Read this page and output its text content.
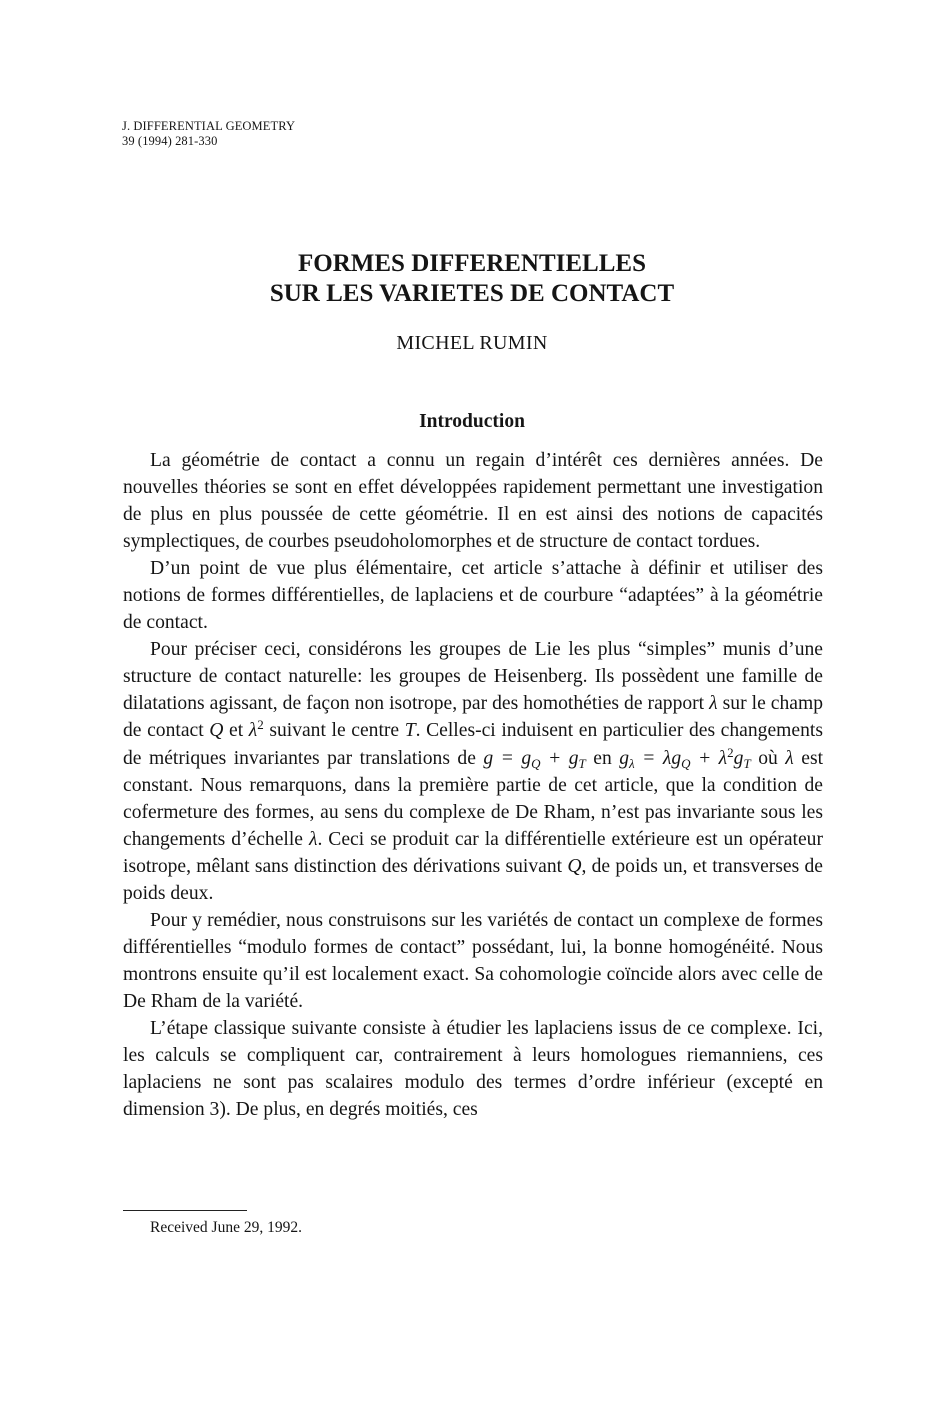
J. DIFFERENTIAL GEOMETRY
39 (1994) 281-330
FORMES DIFFERENTIELLES
SUR LES VARIETES DE CONTACT
MICHEL RUMIN
Introduction

La géométrie de contact a connu un regain d’intérêt ces dernières années. De nouvelles théories se sont en effet développées rapidement permettant une investigation de plus en plus poussée de cette géométrie. Il en est ainsi des notions de capacités symplectiques, de courbes pseudoholomorphes et de structure de contact tordues.

D’un point de vue plus élémentaire, cet article s’attache à définir et utiliser des notions de formes différentielles, de laplaciens et de courbure “adaptées” à la géométrie de contact.

Pour préciser ceci, considérons les groupes de Lie les plus “simples” munis d’une structure de contact naturelle: les groupes de Heisenberg. Ils possèdent une famille de dilatations agissant, de façon non isotrope, par des homothéties de rapport λ sur le champ de contact Q et $\lambda^2$ suivant le centre T. Celles-ci induisent en particulier des changements de métriques invariantes par translations de $g = g_Q + g_T$ en $g_\lambda = \lambda g_Q + \lambda^2g_T$ où λ est constant. Nous remarquons, dans la première partie de cet article, que la condition de cofermeture des formes, au sens du complexe de De Rham, n’est pas invariante sous les changements d’échelle λ. Ceci se produit car la différentielle extérieure est un opérateur isotrope, mêlant sans distinction des dérivations suivant Q, de poids un, et transverses de poids deux.

Pour y remédier, nous construisons sur les variétés de contact un complexe de formes différentielles “modulo formes de contact” possédant, lui, la bonne homogénéité. Nous montrons ensuite qu’il est localement exact. Sa cohomologie coïncide alors avec celle de De Rham de la variété.

L’étape classique suivante consiste à étudier les laplaciens issus de ce complexe. Ici, les calculs se compliquent car, contrairement à leurs homologues riemanniens, ces laplaciens ne sont pas scalaires modulo des termes d’ordre inférieur (excepté en dimension 3). De plus, en degrés moitiés, ces

Received June 29, 1992.
